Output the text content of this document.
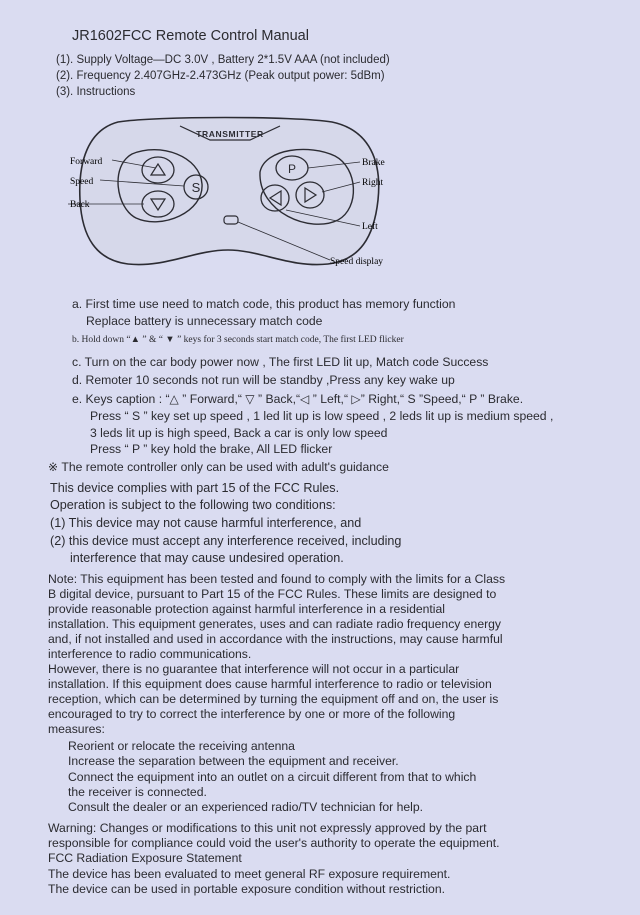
JR1602FCC Remote Control Manual
(1). Supply Voltage—DC 3.0V , Battery 2*1.5V AAA (not included)
(2). Frequency 2.407GHz-2.473GHz (Peak output power: 5dBm)
(3). Instructions
TRANSMITTER
S
P
Forward
Speed
Back
Brake
Right
Left
Speed display
a. First time use need to match code, this product has memory function
Replace battery is unnecessary match code
b. Hold down “▲ ” & “ ▼ ” keys for 3 seconds start match code, The first LED flicker
c. Turn on the car body power now , The first LED lit up, Match code Success
d. Remoter 10 seconds not run will be standby ,Press any key wake up
e. Keys caption : “△ ” Forward,“ ▽ ” Back,“◁ ” Left,“ ▷” Right,“ S ”Speed,“ P ” Brake.
Press “ S ” key set up speed , 1 led lit up is low speed , 2 leds lit up is medium speed ,
3 leds lit up is high speed, Back a car is only low speed
Press “ P ” key hold the brake, All LED flicker
※ The remote controller only can be used with adult's guidance
This device complies with part 15 of the FCC Rules.
Operation is subject to the following two conditions:
(1) This device may not cause harmful interference, and
(2) this device must accept any interference received, including
interference that may cause undesired operation.
Note: This equipment has been tested and found to comply with the limits for a Class
B digital device, pursuant to Part 15 of the FCC Rules. These limits are designed to
provide reasonable protection against harmful interference in a residential
installation. This equipment generates, uses and can radiate radio frequency energy
and, if not installed and used in accordance with the instructions, may cause harmful
interference to radio communications.
However, there is no guarantee that interference will not occur in a particular
installation. If this equipment does cause harmful interference to radio or television
reception, which can be determined by turning the equipment off and on, the user is
encouraged to try to correct the interference by one or more of the following
measures:
Reorient or relocate the receiving antenna
Increase the separation between the equipment and receiver.
Connect the equipment into an outlet on a circuit different from that to which
the receiver is connected.
Consult the dealer or an experienced radio/TV technician for help.
Warning: Changes or modifications to this unit not expressly approved by the part
responsible for compliance could void the user's authority to operate the equipment.
FCC Radiation Exposure Statement
The device has been evaluated to meet general RF exposure requirement.
The device can be used in portable exposure condition without restriction.
